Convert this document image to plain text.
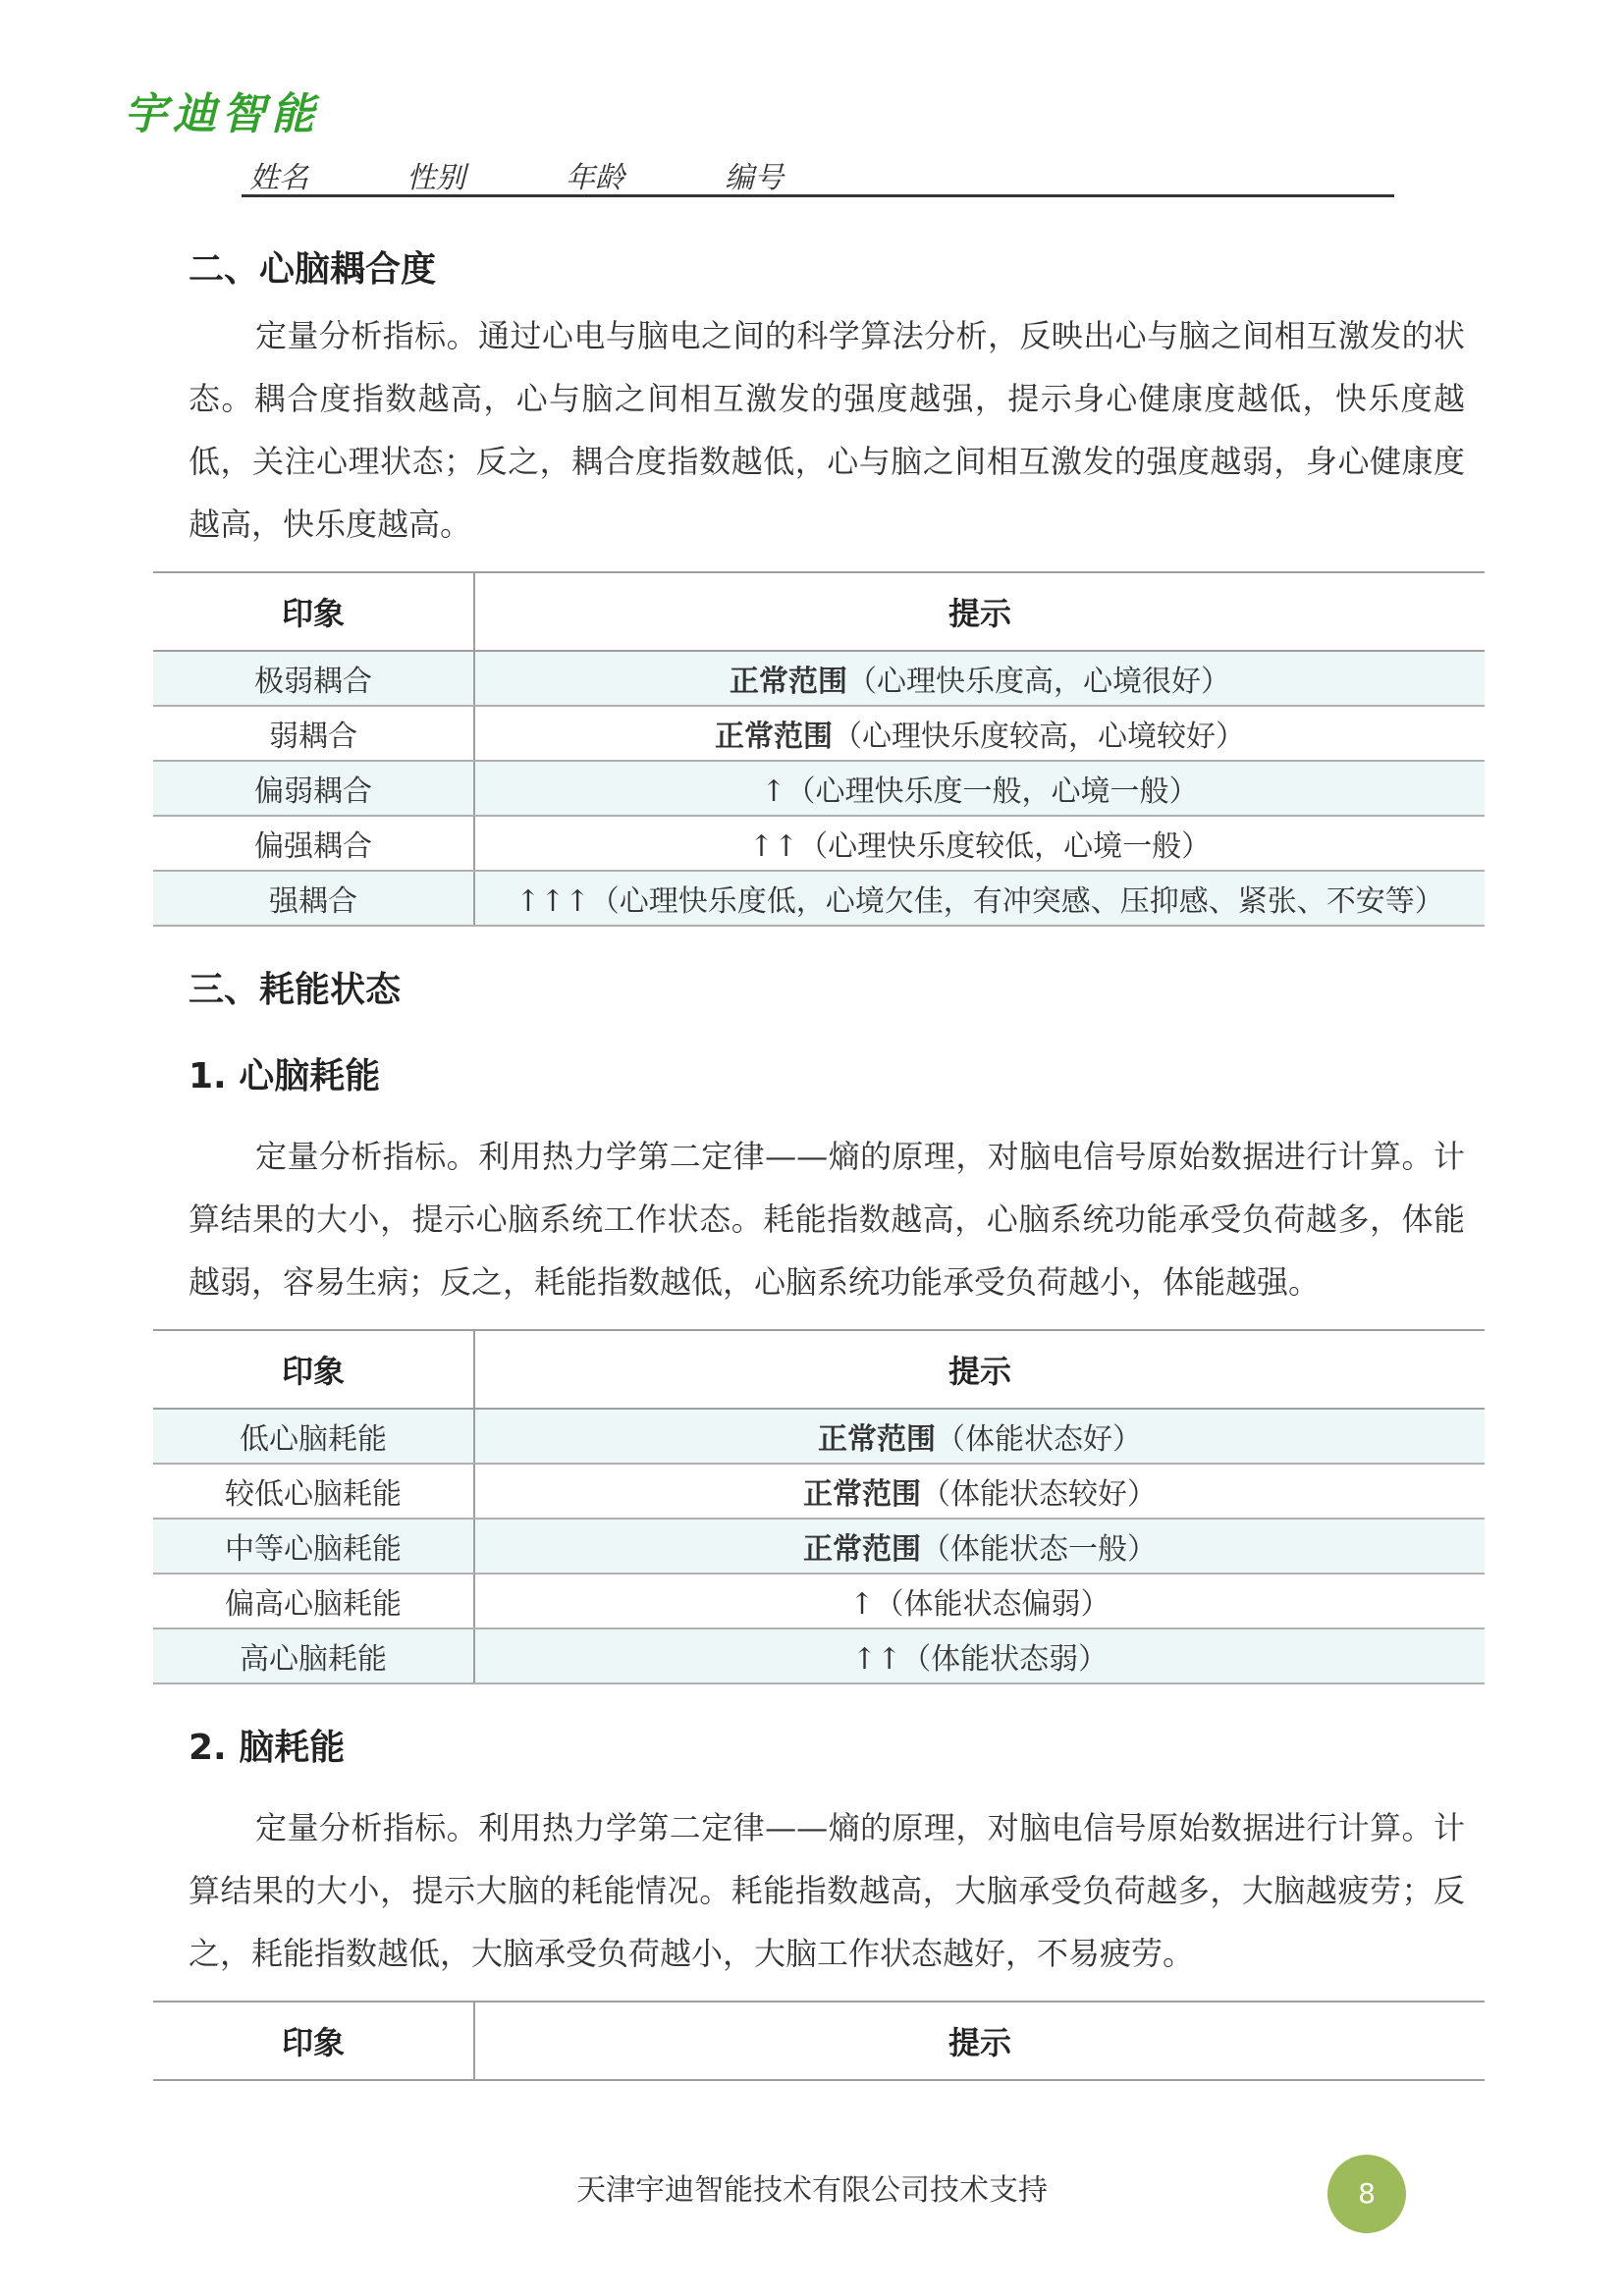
宇迪智能
姓名	性别	年龄	编号
二、心脑耦合度

定量分析指标。通过心电与脑电之间的科学算法分析，反映出心与脑之间相互激发的状态。耦合度指数越高，心与脑之间相互激发的强度越强，提示身心健康度越低，快乐度越低，关注心理状态；反之，耦合度指数越低，心与脑之间相互激发的强度越弱，身心健康度越高，快乐度越高。

印象	提示
极弱耦合	正常范围（心理快乐度高，心境很好）
弱耦合	正常范围（心理快乐度较高，心境较好）
偏弱耦合	↑（心理快乐度一般，心境一般）
偏强耦合	↑↑（心理快乐度较低，心境一般）
强耦合	↑↑↑（心理快乐度低，心境欠佳，有冲突感、压抑感、紧张、不安等）
三、耗能状态
1. 心脑耗能

定量分析指标。利用热力学第二定律——熵的原理，对脑电信号原始数据进行计算。计算结果的大小，提示心脑系统工作状态。耗能指数越高，心脑系统功能承受负荷越多，体能越弱，容易生病；反之，耗能指数越低，心脑系统功能承受负荷越小，体能越强。

印象	提示
低心脑耗能	正常范围（体能状态好）
较低心脑耗能	正常范围（体能状态较好）
中等心脑耗能	正常范围（体能状态一般）
偏高心脑耗能	↑（体能状态偏弱）
高心脑耗能	↑↑（体能状态弱）
2. 脑耗能

定量分析指标。利用热力学第二定律——熵的原理，对脑电信号原始数据进行计算。计算结果的大小，提示大脑的耗能情况。耗能指数越高，大脑承受负荷越多，大脑越疲劳；反之，耗能指数越低，大脑承受负荷越小，大脑工作状态越好，不易疲劳。

印象	提示
天津宇迪智能技术有限公司技术支持	8
